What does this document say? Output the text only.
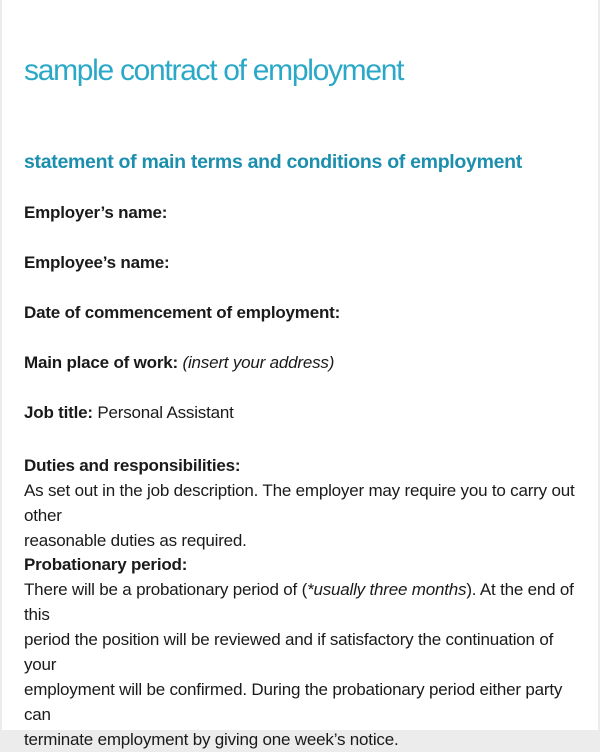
sample contract of employment
statement of main terms and conditions of employment
Employer’s name:
Employee’s name:
Date of commencement of employment:
Main place of work: (insert your address)
Job title: Personal Assistant
Duties and responsibilities:
As set out in the job description. The employer may require you to carry out other
reasonable duties as required.
Probationary period:
There will be a probationary period of (*usually three months). At the end of this
period the position will be reviewed and if satisfactory the continuation of your
employment will be confirmed. During the probationary period either party can
terminate employment by giving one week’s notice.
